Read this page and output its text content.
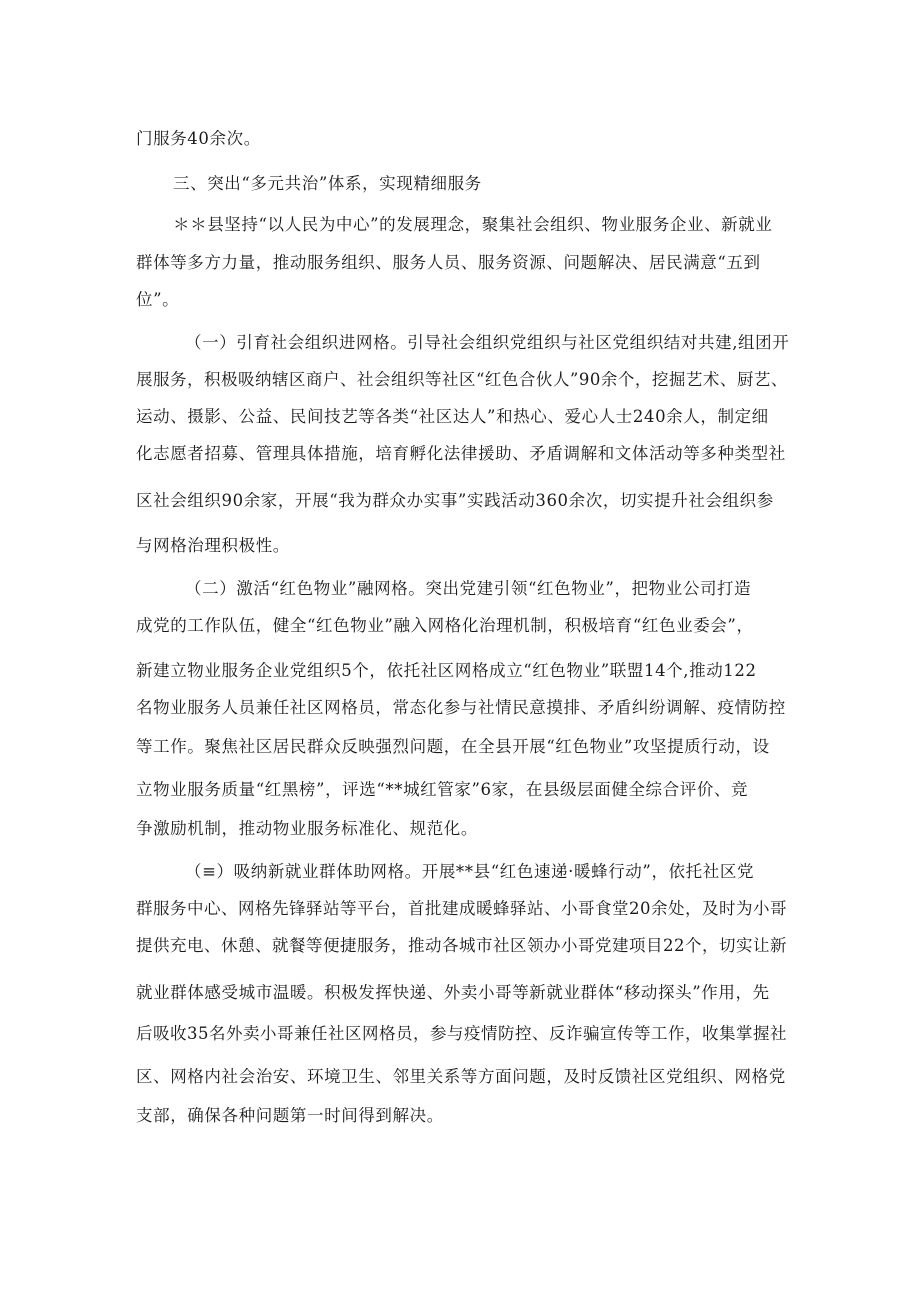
门服务40余次。
三、突出“多元共治”体系，实现精细服务
＊＊县坚持“以人民为中心”的发展理念，聚集社会组织、物业服务企业、新就业
群体等多方力量，推动服务组织、服务人员、服务资源、问题解决、居民满意“五到
位”。
（一）引育社会组织进网格。引导社会组织党组织与社区党组织结对共建,组团开
展服务，积极吸纳辖区商户、社会组织等社区“红色合伙人”90余个，挖掘艺术、厨艺、
运动、摄影、公益、民间技艺等各类“社区达人”和热心、爱心人士240余人，制定细
化志愿者招募、管理具体措施，培育孵化法律援助、矛盾调解和文体活动等多种类型社
区社会组织90余家，开展“我为群众办实事”实践活动360余次，切实提升社会组织参
与网格治理积极性。
（二）激活“红色物业”融网格。突出党建引领“红色物业”，把物业公司打造
成党的工作队伍，健全“红色物业”融入网格化治理机制，积极培育“红色业委会”，
新建立物业服务企业党组织5个，依托社区网格成立“红色物业”联盟14个,推动122
名物业服务人员兼任社区网格员，常态化参与社情民意摸排、矛盾纠纷调解、疫情防控
等工作。聚焦社区居民群众反映强烈问题，在全县开展“红色物业”攻坚提质行动，设
立物业服务质量“红黑榜”，评选“**城红管家”6家，在县级层面健全综合评价、竞
争激励机制，推动物业服务标准化、规范化。
（≡）吸纳新就业群体助网格。开展**县“红色速递·暖蜂行动”，依托社区党
群服务中心、网格先锋驿站等平台，首批建成暖蜂驿站、小哥食堂20余处，及时为小哥
提供充电、休憩、就餐等便捷服务，推动各城市社区领办小哥党建项目22个，切实让新
就业群体感受城市温暖。积极发挥快递、外卖小哥等新就业群体“移动探头”作用，先
后吸收35名外卖小哥兼任社区网格员，参与疫情防控、反诈骗宣传等工作，收集掌握社
区、网格内社会治安、环境卫生、邻里关系等方面问题，及时反馈社区党组织、网格党
支部，确保各种问题第一时间得到解决。
